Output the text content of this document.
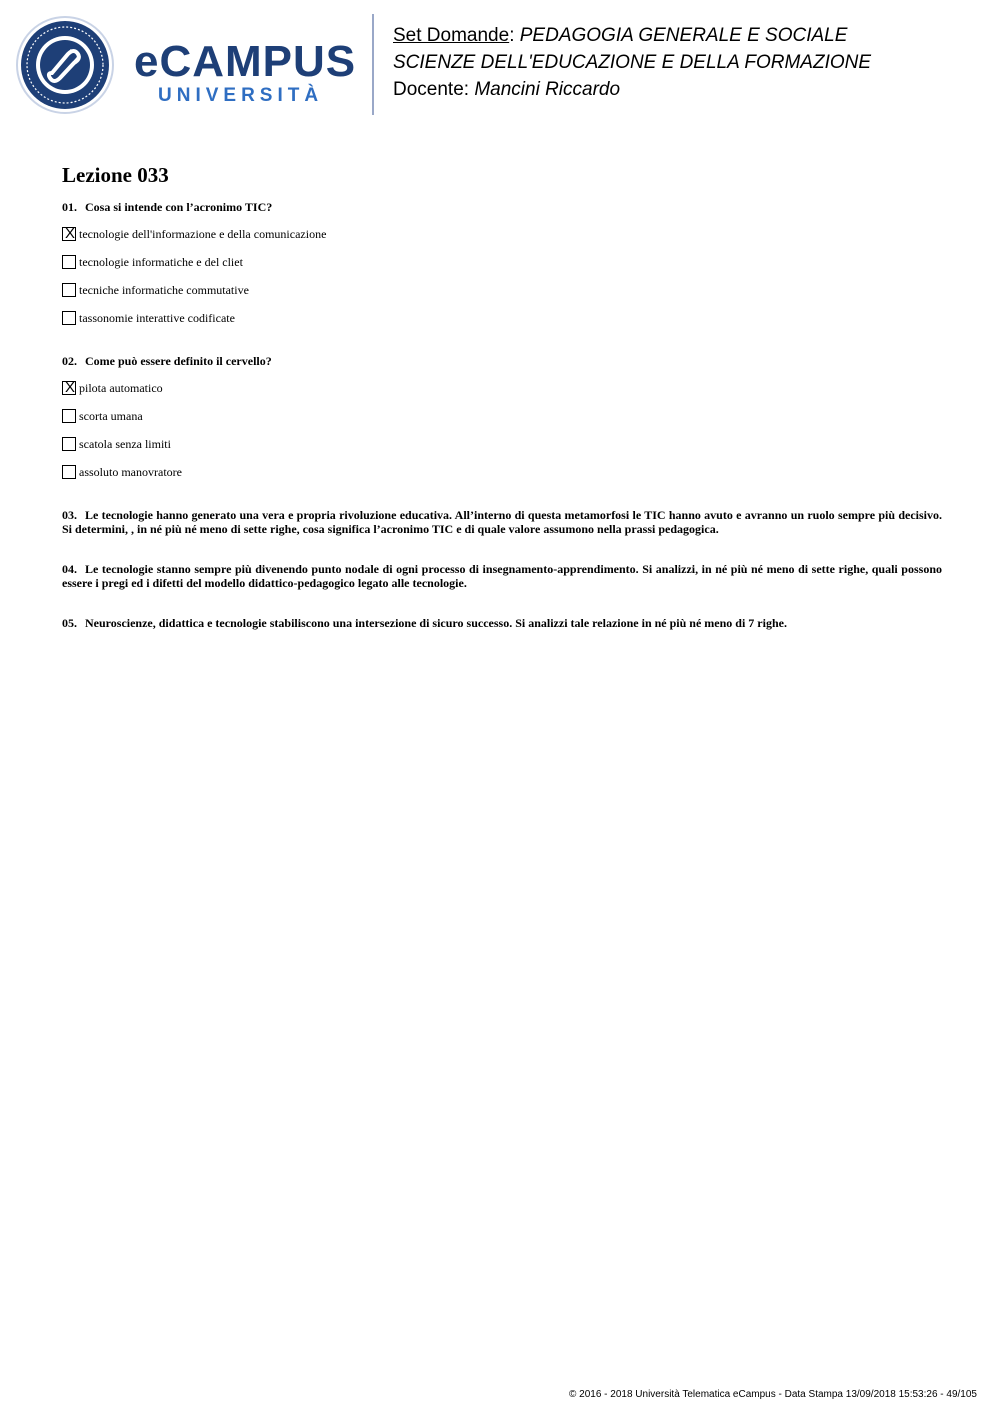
eCAMPUS
UNIVERSITÀ
Set Domande: PEDAGOGIA GENERALE E SOCIALE
SCIENZE DELL'EDUCAZIONE E DELLA FORMAZIONE
Docente: Mancini Riccardo
Lezione 033

01. Cosa si intende con l’acronimo TIC?

X
tecnologie dell'informazione e della comunicazione
tecnologie informatiche e del cliet
tecniche informatiche commutative
tassonomie interattive codificate

02. Come può essere definito il cervello?

X
pilota automatico
scorta umana
scatola senza limiti
assoluto manovratore

03. Le tecnologie hanno generato una vera e propria rivoluzione educativa. All’interno di questa metamorfosi le TIC hanno avuto e avranno un ruolo sempre più decisivo. Si determini, , in né più né meno di sette righe, cosa significa l’acronimo TIC e di quale valore assumono nella prassi pedagogica.

04. Le tecnologie stanno sempre più divenendo punto nodale di ogni processo di insegnamento-apprendimento. Si analizzi, in né più né meno di sette righe, quali possono essere i pregi ed i difetti del modello didattico-pedagogico legato alle tecnologie.

05. Neuroscienze, didattica e tecnologie stabiliscono una intersezione di sicuro successo. Si analizzi tale relazione in né più né meno di 7 righe.

© 2016 - 2018 Università Telematica eCampus - Data Stampa 13/09/2018 15:53:26 - 49/105
